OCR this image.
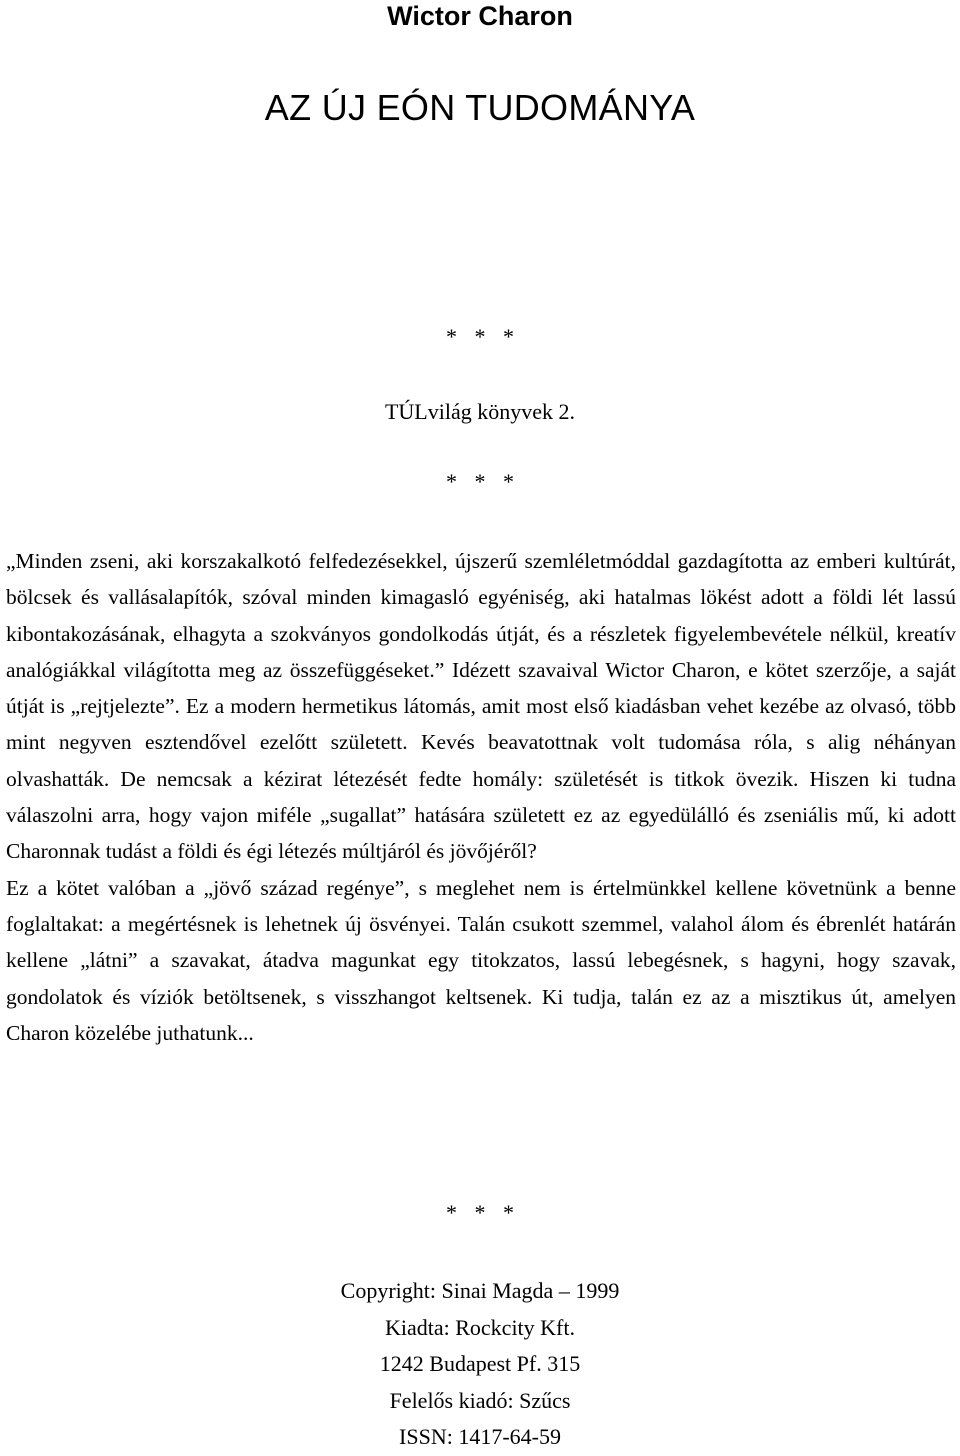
Wictor Charon
AZ ÚJ EÓN TUDOMÁNYA
* * *
TÚLvilág könyvek 2.
* * *

„Minden zseni, aki korszakalkotó felfedezésekkel, újszerű szemléletmóddal gazdagította az emberi kultúrát, bölcsek és vallásalapítók, szóval minden kimagasló egyéniség, aki hatalmas lökést adott a földi lét lassú kibontakozásának, elhagyta a szokványos gondolkodás útját, és a részletek figyelembevétele nélkül, kreatív analógiákkal világította meg az összefüggéseket.” Idézett szavaival Wictor Charon, e kötet szerzője, a saját útját is „rejtjelezte”. Ez a modern hermetikus látomás, amit most első kiadásban vehet kezébe az olvasó, több mint negyven esztendővel ezelőtt született. Kevés beavatottnak volt tudomása róla, s alig néhányan olvashatták. De nemcsak a kézirat létezését fedte homály: születését is titkok övezik. Hiszen ki tudna válaszolni arra, hogy vajon miféle „sugallat” hatására született ez az egyedülálló és zseniális mű, ki adott Charonnak tudást a földi és égi létezés múltjáról és jövőjéről?

Ez a kötet valóban a „jövő század regénye”, s meglehet nem is értelmünkkel kellene követnünk a benne foglaltakat: a megértésnek is lehetnek új ösvényei. Talán csukott szemmel, valahol álom és ébrenlét határán kellene „látni” a szavakat, átadva magunkat egy titokzatos, lassú lebegésnek, s hagyni, hogy szavak, gondolatok és víziók betöltsenek, s visszhangot keltsenek. Ki tudja, talán ez az a misztikus út, amelyen Charon közelébe juthatunk...

* * *
Copyright: Sinai Magda – 1999
Kiadta: Rockcity Kft.
1242 Budapest Pf. 315
Felelős kiadó: Szűcs
ISSN: 1417-64-59
